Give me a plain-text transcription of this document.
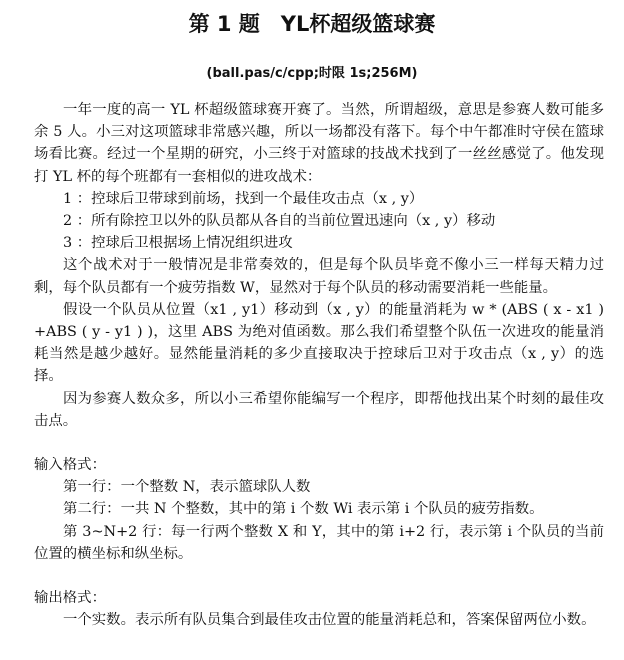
第 1 题　YL杯超级篮球赛
(ball.pas/c/cpp;时限 1s;256M)

一年一度的高一 YL 杯超级篮球赛开赛了。当然，所谓超级，意思是参赛人数可能多余 5 人。小三对这项篮球非常感兴趣，所以一场都没有落下。每个中午都准时守侯在篮球场看比赛。经过一个星期的研究，小三终于对篮球的技战术找到了一丝丝感觉了。他发现打 YL 杯的每个班都有一套相似的进攻战术：

1 ：控球后卫带球到前场，找到一个最佳攻击点（x , y）

2 ：所有除控卫以外的队员都从各自的当前位置迅速向（x , y）移动

3 ：控球后卫根据场上情况组织进攻

这个战术对于一般情况是非常奏效的，但是每个队员毕竟不像小三一样每天精力过剩，每个队员都有一个疲劳指数 W，显然对于每个队员的移动需要消耗一些能量。

假设一个队员从位置（x1 , y1）移动到（x , y）的能量消耗为 w * (ABS ( x - x1 ) +ABS ( y - y1 ) )，这里 ABS 为绝对值函数。那么我们希望整个队伍一次进攻的能量消耗当然是越少越好。显然能量消耗的多少直接取决于控球后卫对于攻击点（x , y）的选择。

因为参赛人数众多，所以小三希望你能编写一个程序，即帮他找出某个时刻的最佳攻击点。

输入格式：

第一行：一个整数 N，表示篮球队人数

第二行：一共 N 个整数，其中的第 i 个数 Wi 表示第 i 个队员的疲劳指数。

第 3~N+2 行：每一行两个整数 X 和 Y，其中的第 i+2 行，表示第 i 个队员的当前位置的横坐标和纵坐标。

输出格式：

一个实数。表示所有队员集合到最佳攻击位置的能量消耗总和，答案保留两位小数。
